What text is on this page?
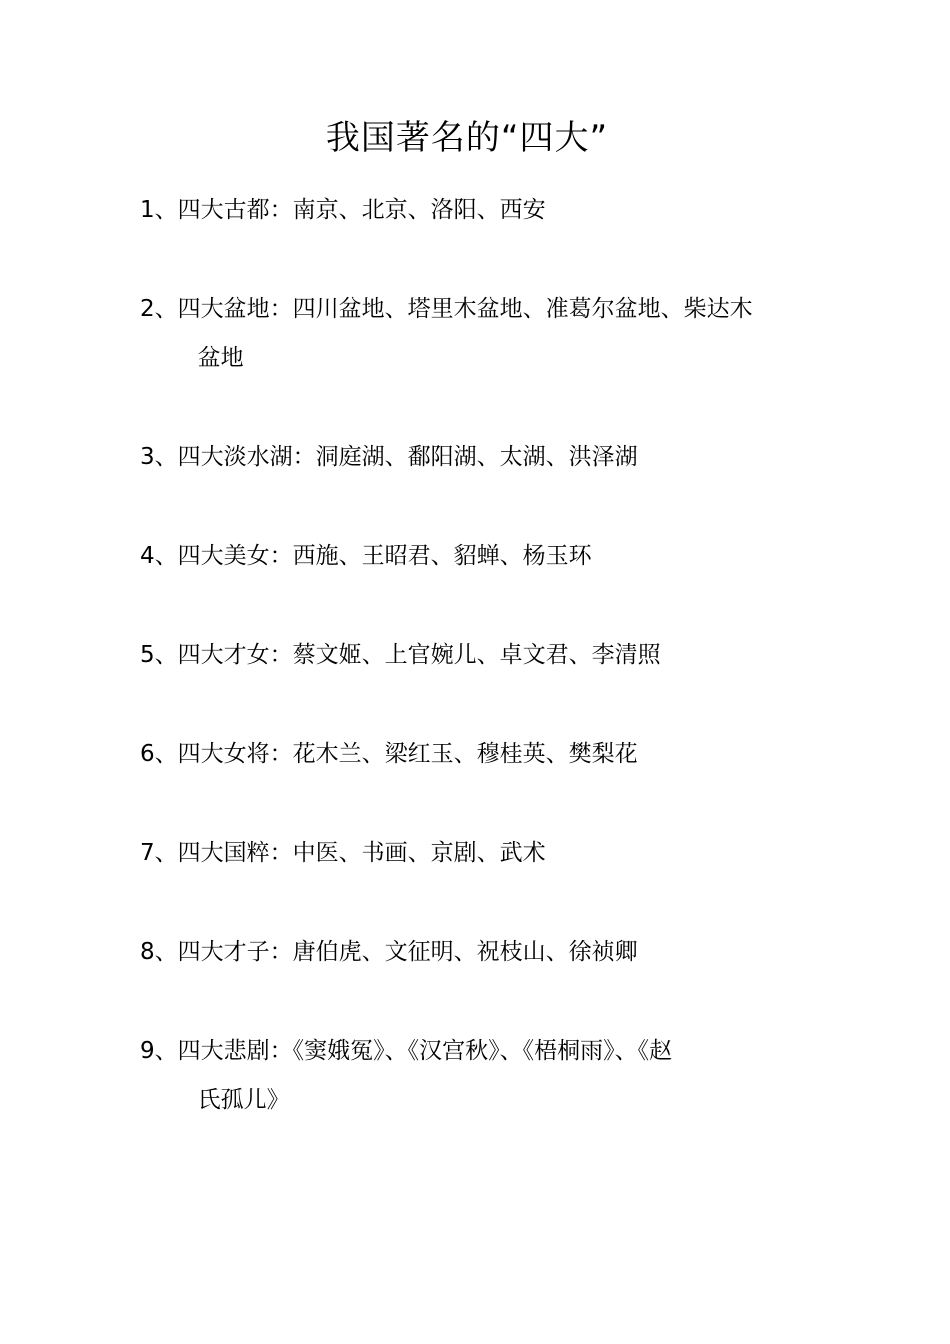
我国著名的“四大”
1、 四大古都：南京、北京、洛阳、西安
2、 四大盆地：四川盆地、塔里木盆地、准葛尔盆地、柴达木
盆地
3、 四大淡水湖：洞庭湖、鄱阳湖、太湖、洪泽湖
4、 四大美女：西施、王昭君、貂蝉、杨玉环
5、 四大才女：蔡文姬、上官婉儿、卓文君、李清照
6、 四大女将：花木兰、梁红玉、穆桂英、樊梨花
7、 四大国粹：中医、书画、京剧、武术
8、 四大才子：唐伯虎、文征明、祝枝山、徐祯卿
9、 四大悲剧：《窦娥冤》、《汉宫秋》、《梧桐雨》、《赵
氏孤儿》
